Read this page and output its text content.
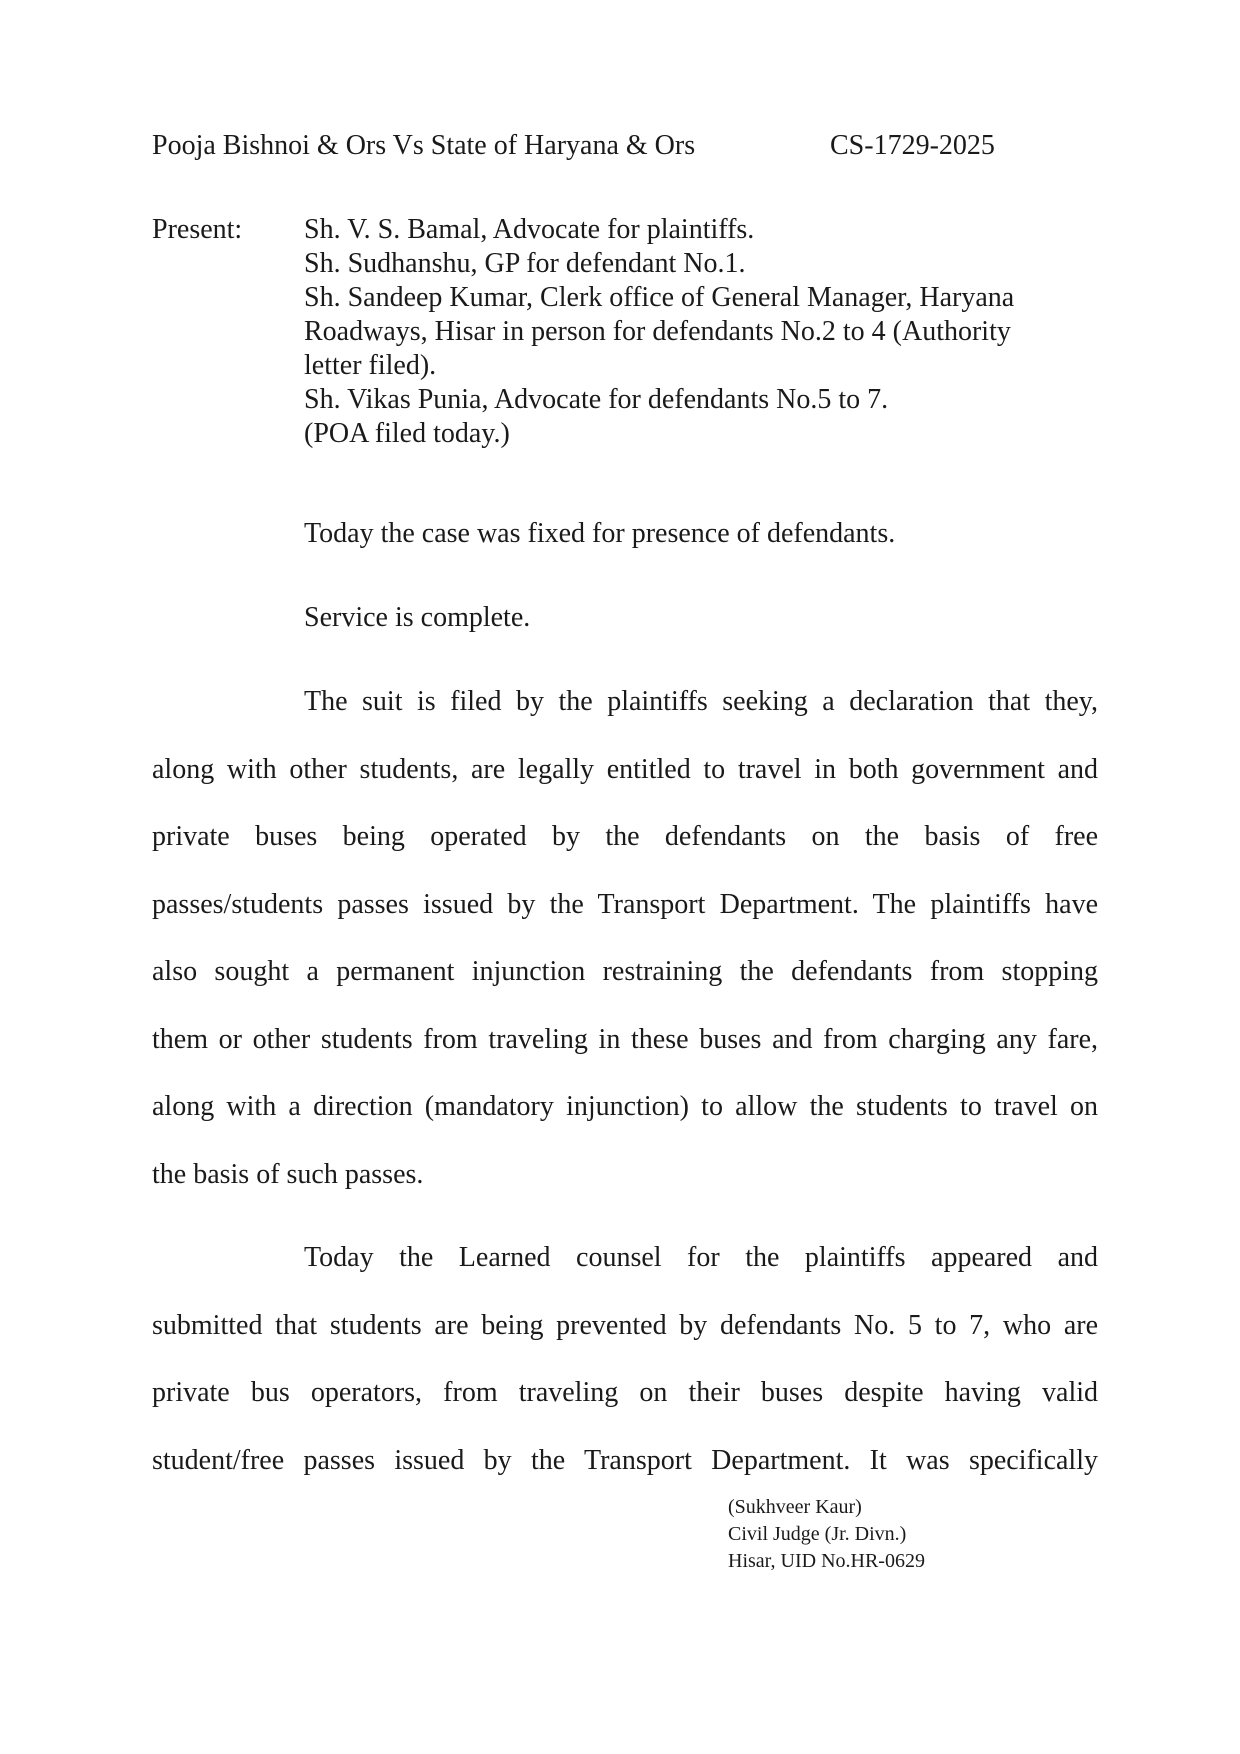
Pooja Bishnoi & Ors Vs State of Haryana & Ors	CS-1729-2025
Present: Sh. V. S. Bamal, Advocate for plaintiffs.
Sh. Sudhanshu, GP for defendant No.1.
Sh. Sandeep Kumar, Clerk office of General Manager, Haryana
Roadways, Hisar in person for defendants No.2 to 4 (Authority
letter filed).
Sh. Vikas Punia, Advocate for defendants No.5 to 7.
(POA filed today.)
Today the case was fixed for presence of defendants.
Service is complete.
The suit is filed by the plaintiffs seeking a declaration that they,
along with other students, are legally entitled to travel in both government and
private buses being operated by the defendants on the basis of free
passes/students passes issued by the Transport Department. The plaintiffs have
also sought a permanent injunction restraining the defendants from stopping
them or other students from traveling in these buses and from charging any fare,
along with a direction (mandatory injunction) to allow the students to travel on
the basis of such passes.
Today the Learned counsel for the plaintiffs appeared and
submitted that students are being prevented by defendants No. 5 to 7, who are
private bus operators, from traveling on their buses despite having valid
student/free passes issued by the Transport Department. It was specifically
(Sukhveer Kaur)
Civil Judge (Jr. Divn.)
Hisar, UID No.HR-0629
